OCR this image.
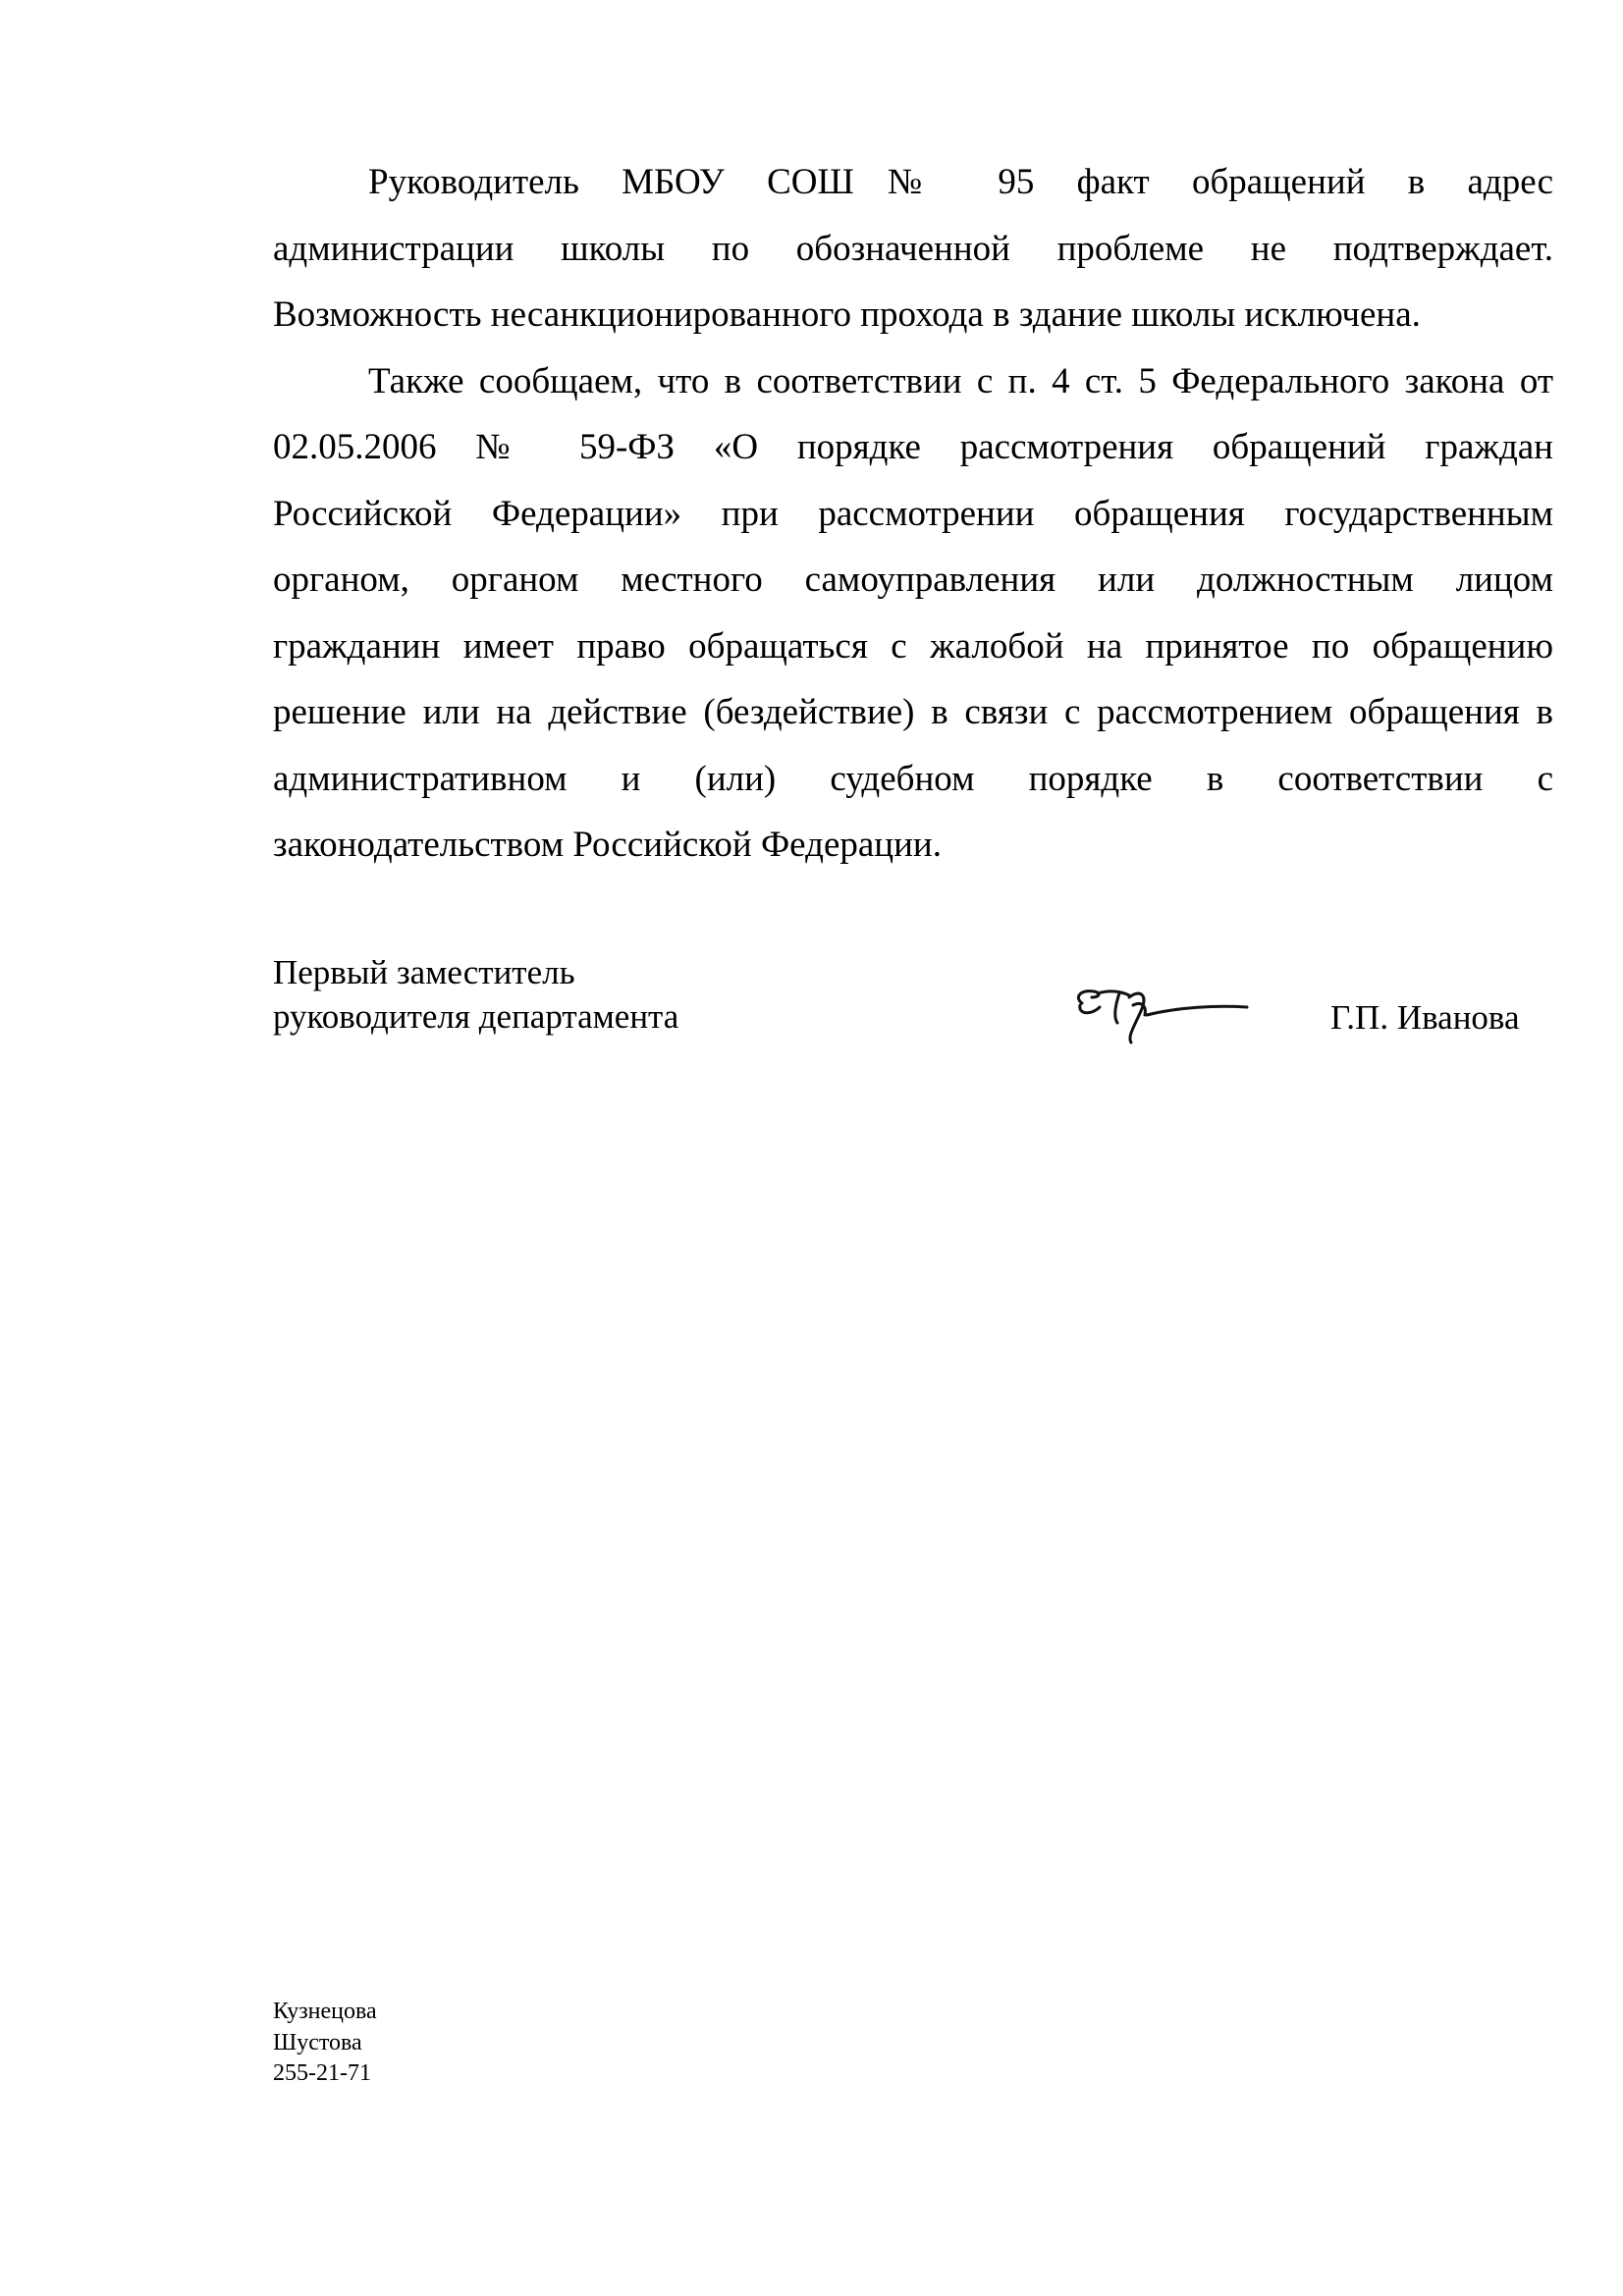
Руководитель МБОУ СОШ№ 95 факт обращений в адрес
администрации школы по обозначенной проблеме не подтверждает.
Возможность несанкционированного прохода в здание школы исключена.
Также сообщаем, что в соответствии с п. 4 ст. 5 Федерального закона от
02.05.2006 № 59-ФЗ «О порядке рассмотрения обращений граждан
Российской Федерации» при рассмотрении обращения государственным
органом, органом местного самоуправления или должностным лицом
гражданин имеет право обращаться с жалобой на принятое по обращению
решение или на действие (бездействие) в связи с рассмотрением обращения в
административном и (или) судебном порядке в соответствии с
законодательством Российской Федерации.
Первый заместитель
руководителя департамента	Г.П. Иванова
Кузнецова
Шустова
255-21-71
